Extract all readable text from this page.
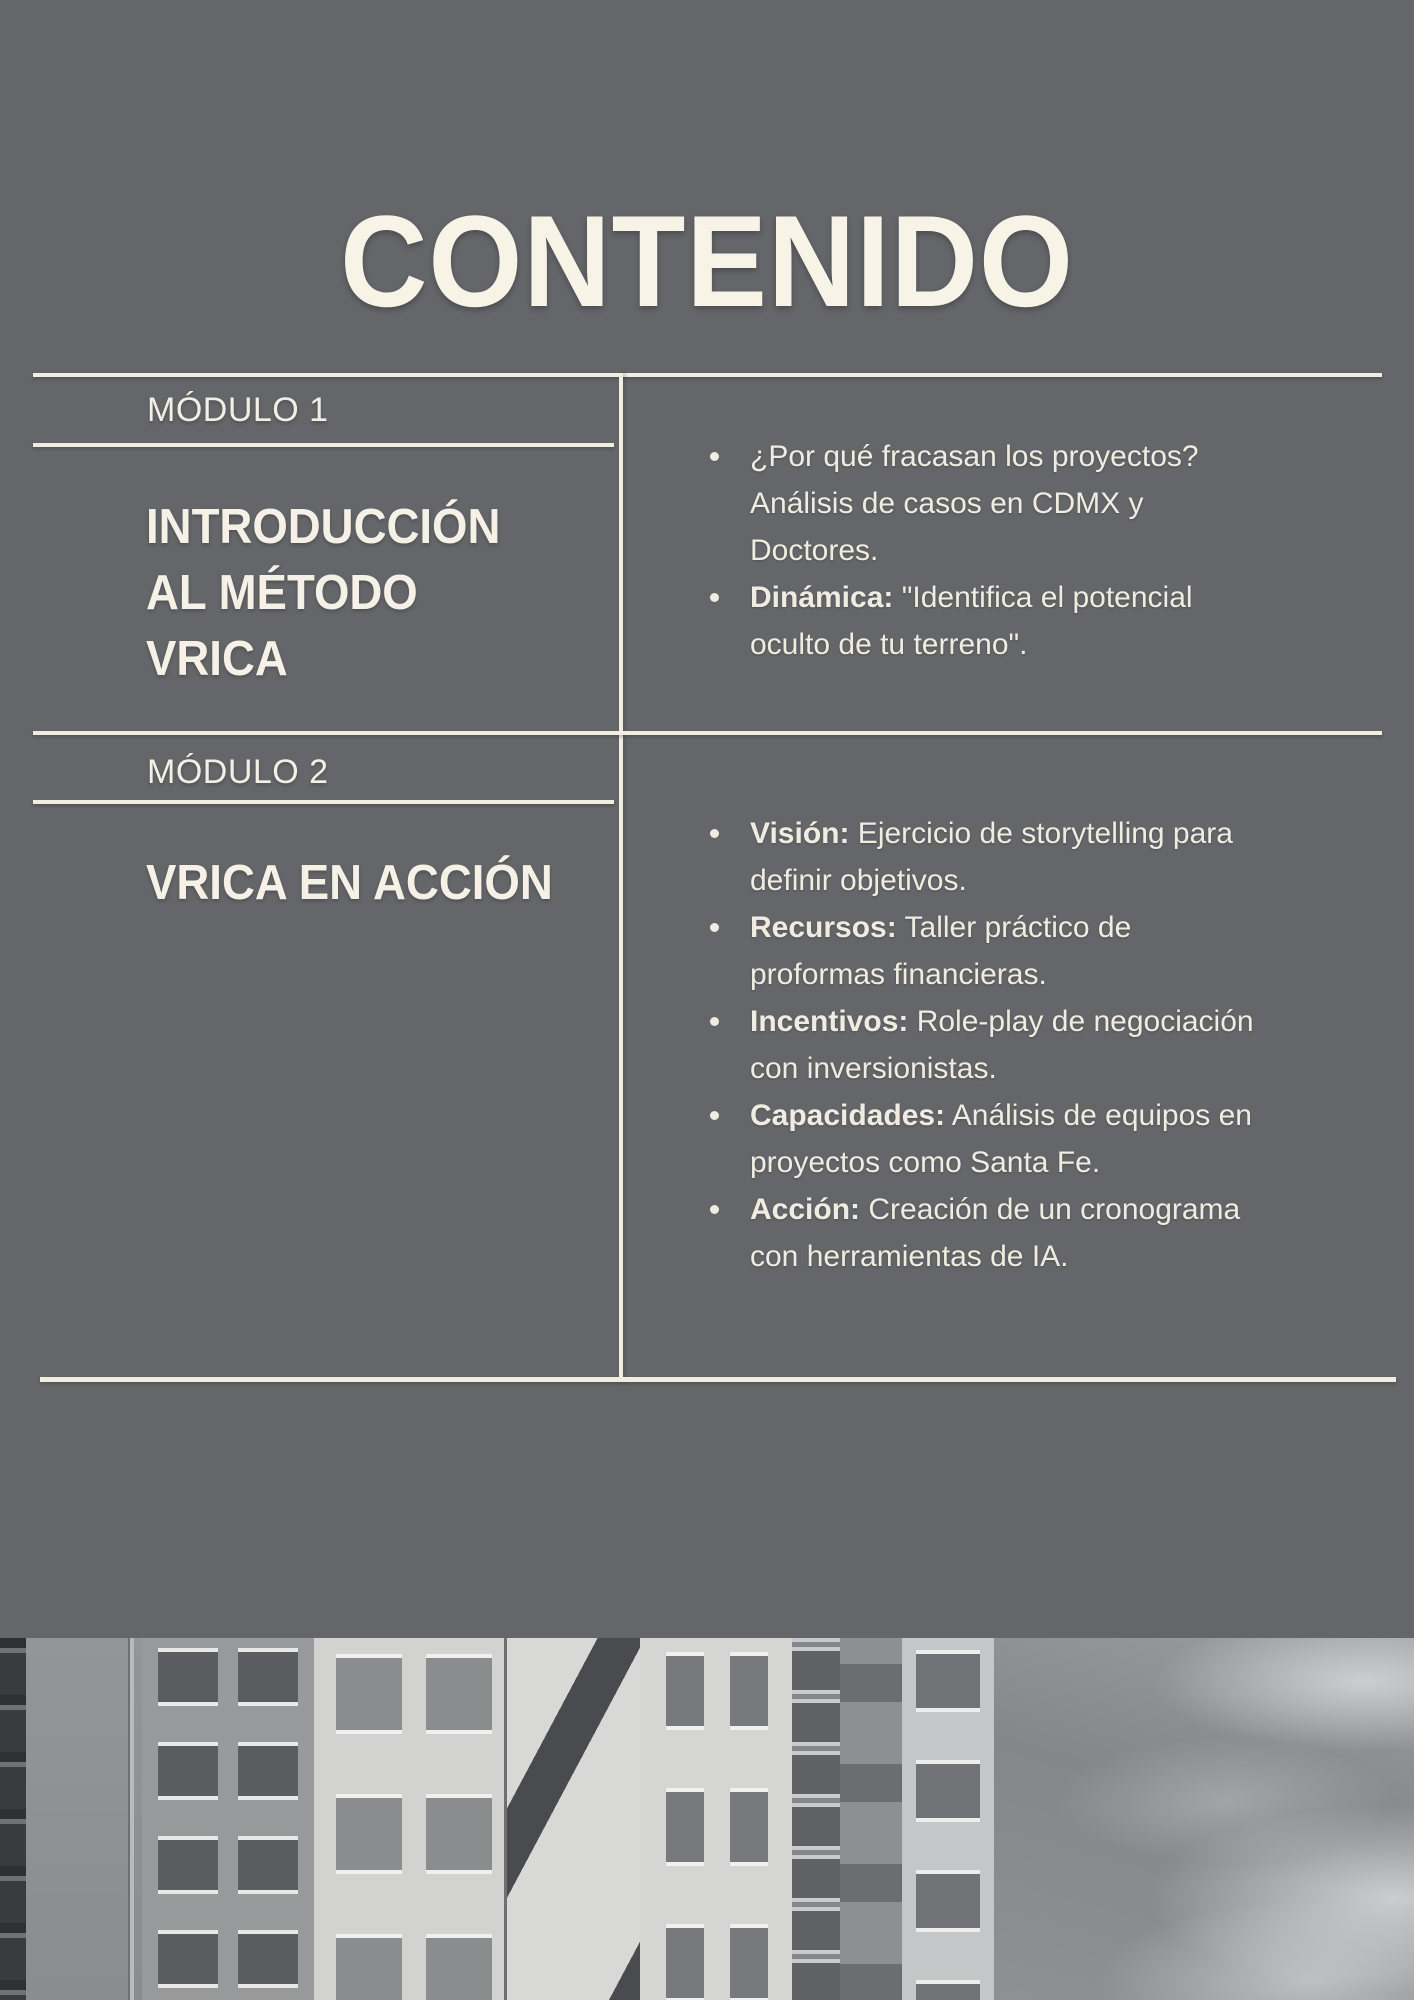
CONTENIDO
MÓDULO 1
INTRODUCCIÓN
AL MÉTODO
VRICA
¿Por qué fracasan los proyectos?
Análisis de casos en CDMX y
Doctores.
Dinámica: "Identifica el potencial
oculto de tu terreno".
MÓDULO 2
VRICA EN ACCIÓN
Visión: Ejercicio de storytelling para
definir objetivos.
Recursos: Taller práctico de
proformas financieras.
Incentivos: Role-play de negociación
con inversionistas.
Capacidades: Análisis de equipos en
proyectos como Santa Fe.
Acción: Creación de un cronograma
con herramientas de IA.
